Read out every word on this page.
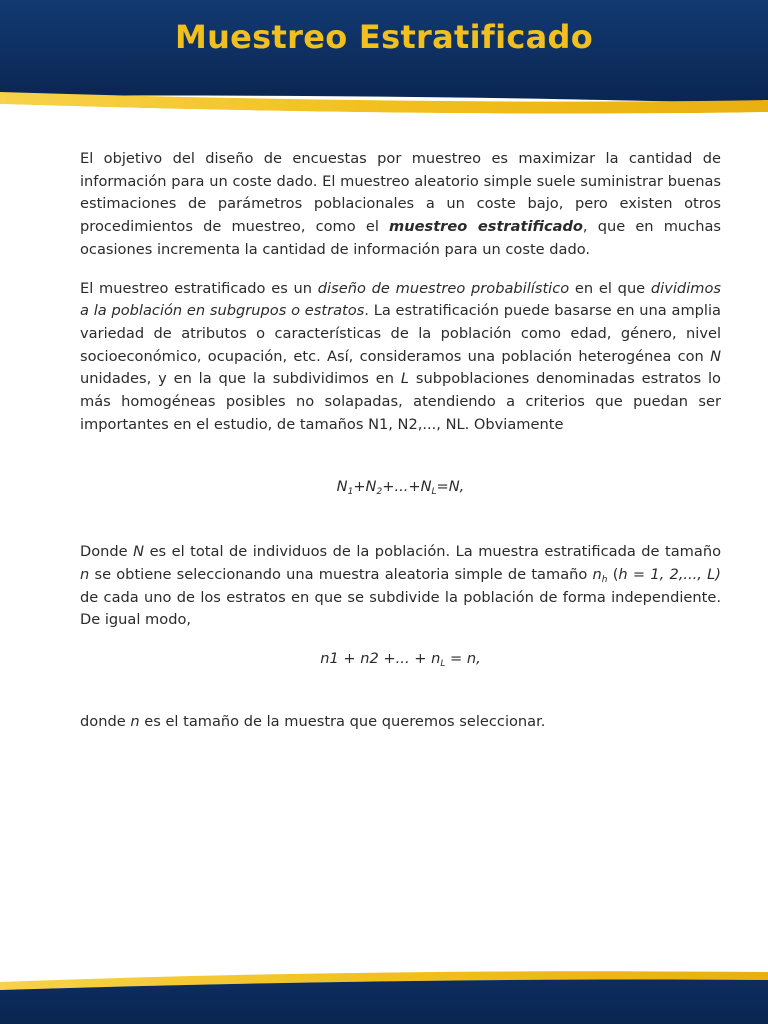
Muestreo Estratificado

El objetivo del diseño de encuestas por muestreo es maximizar la cantidad de información para un coste dado. El muestreo aleatorio simple suele suministrar buenas estimaciones de parámetros poblacionales a un coste bajo, pero existen otros procedimientos de muestreo, como el muestreo estratificado, que en muchas ocasiones incrementa la cantidad de información para un coste dado.

El muestreo estratificado es un diseño de muestreo probabilístico en el que dividimos a la población en subgrupos o estratos. La estratificación puede basarse en una amplia variedad de atributos o características de la población como edad, género, nivel socioeconómico, ocupación, etc. Así, consideramos una población heterogénea con N unidades, y en la que la subdividimos en L subpoblaciones denominadas estratos lo más homogéneas posibles no solapadas, atendiendo a criterios que puedan ser importantes en el estudio, de tamaños N1, N2,..., NL. Obviamente

$N_1+N_2+...+N_L=N$,

Donde N es el total de individuos de la población. La muestra estratificada de tamaño n se obtiene seleccionando una muestra aleatoria simple de tamaño $n_h$ (h = 1, 2,..., L) de cada uno de los estratos en que se subdivide la población de forma independiente. De igual modo,

n1 + n2 +... + $n_L = n$,

donde n es el tamaño de la muestra que queremos seleccionar.
